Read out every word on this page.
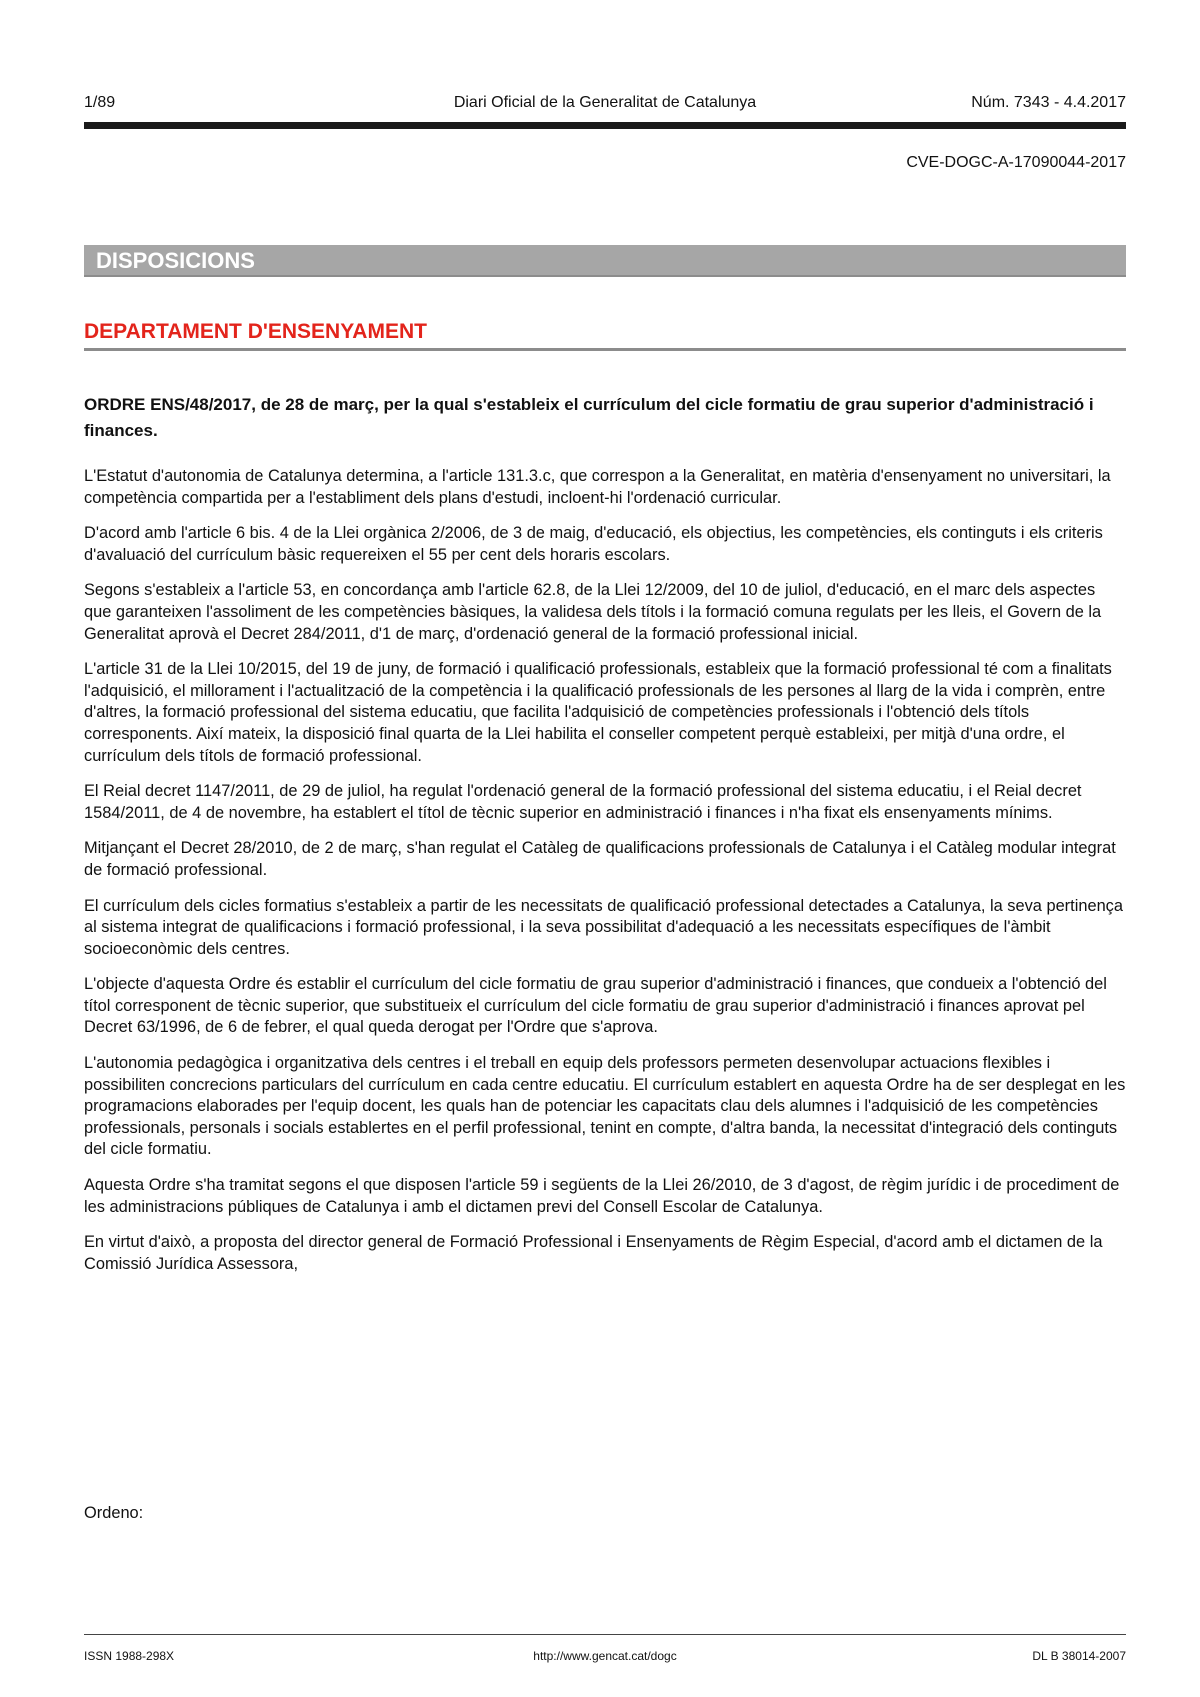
1/89	Diari Oficial de la Generalitat de Catalunya	Núm. 7343 - 4.4.2017
CVE-DOGC-A-17090044-2017
DISPOSICIONS
DEPARTAMENT D'ENSENYAMENT
ORDRE ENS/48/2017, de 28 de març, per la qual s'estableix el currículum del cicle formatiu de grau superior d'administració i finances.

L'Estatut d'autonomia de Catalunya determina, a l'article 131.3.c, que correspon a la Generalitat, en matèria d'ensenyament no universitari, la competència compartida per a l'establiment dels plans d'estudi, incloent-hi l'ordenació curricular.

D'acord amb l'article 6 bis. 4 de la Llei orgànica 2/2006, de 3 de maig, d'educació, els objectius, les competències, els continguts i els criteris d'avaluació del currículum bàsic requereixen el 55 per cent dels horaris escolars.

Segons s'estableix a l'article 53, en concordança amb l'article 62.8, de la Llei 12/2009, del 10 de juliol, d'educació, en el marc dels aspectes que garanteixen l'assoliment de les competències bàsiques, la validesa dels títols i la formació comuna regulats per les lleis, el Govern de la Generalitat aprovà el Decret 284/2011, d'1 de març, d'ordenació general de la formació professional inicial.

L'article 31 de la Llei 10/2015, del 19 de juny, de formació i qualificació professionals, estableix que la formació professional té com a finalitats l'adquisició, el millorament i l'actualització de la competència i la qualificació professionals de les persones al llarg de la vida i comprèn, entre d'altres, la formació professional del sistema educatiu, que facilita l'adquisició de competències professionals i l'obtenció dels títols corresponents. Així mateix, la disposició final quarta de la Llei habilita el conseller competent perquè estableixi, per mitjà d'una ordre, el currículum dels títols de formació professional.

El Reial decret 1147/2011, de 29 de juliol, ha regulat l'ordenació general de la formació professional del sistema educatiu, i el Reial decret 1584/2011, de 4 de novembre, ha establert el títol de tècnic superior en administració i finances i n'ha fixat els ensenyaments mínims.

Mitjançant el Decret 28/2010, de 2 de març, s'han regulat el Catàleg de qualificacions professionals de Catalunya i el Catàleg modular integrat de formació professional.

El currículum dels cicles formatius s'estableix a partir de les necessitats de qualificació professional detectades a Catalunya, la seva pertinença al sistema integrat de qualificacions i formació professional, i la seva possibilitat d'adequació a les necessitats específiques de l'àmbit socioeconòmic dels centres.

L'objecte d'aquesta Ordre és establir el currículum del cicle formatiu de grau superior d'administració i finances, que condueix a l'obtenció del títol corresponent de tècnic superior, que substitueix el currículum del cicle formatiu de grau superior d'administració i finances aprovat pel Decret 63/1996, de 6 de febrer, el qual queda derogat per l'Ordre que s'aprova.

L'autonomia pedagògica i organitzativa dels centres i el treball en equip dels professors permeten desenvolupar actuacions flexibles i possibiliten concrecions particulars del currículum en cada centre educatiu. El currículum establert en aquesta Ordre ha de ser desplegat en les programacions elaborades per l'equip docent, les quals han de potenciar les capacitats clau dels alumnes i l'adquisició de les competències professionals, personals i socials establertes en el perfil professional, tenint en compte, d'altra banda, la necessitat d'integració dels continguts del cicle formatiu.

Aquesta Ordre s'ha tramitat segons el que disposen l'article 59 i següents de la Llei 26/2010, de 3 d'agost, de règim jurídic i de procediment de les administracions públiques de Catalunya i amb el dictamen previ del Consell Escolar de Catalunya.

En virtut d'això, a proposta del director general de Formació Professional i Ensenyaments de Règim Especial, d'acord amb el dictamen de la Comissió Jurídica Assessora,

Ordeno:
ISSN 1988-298X	http://www.gencat.cat/dogc	DL B 38014-2007
